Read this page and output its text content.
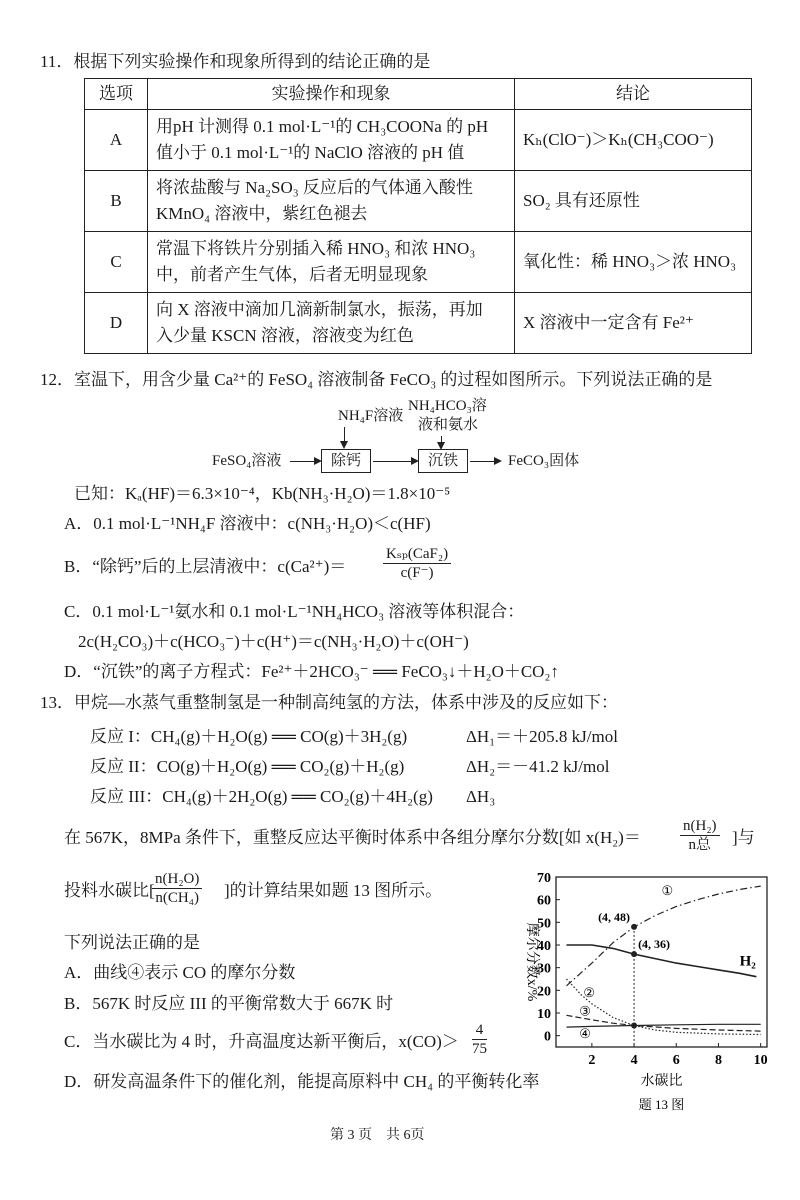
11．根据下列实验操作和现象所得到的结论正确的是
选项	实验操作和现象	结论
A	用pH 计测得 0.1 mol·L⁻¹的 CH₃COONa 的 pH
值小于 0.1 mol·L⁻¹的 NaClO 溶液的 pH 值	Kₕ(ClO⁻)＞Kₕ(CH₃COO⁻)
B	将浓盐酸与 Na₂SO₃ 反应后的气体通入酸性
KMnO₄ 溶液中，紫红色褪去	SO₂ 具有还原性
C	常温下将铁片分别插入稀 HNO₃ 和浓 HNO₃
中，前者产生气体，后者无明显现象	氧化性：稀 HNO₃＞浓 HNO₃
D	向 X 溶液中滴加几滴新制氯水，振荡，再加
入少量 KSCN 溶液，溶液变为红色	X 溶液中一定含有 Fe²⁺
12．室温下，用含少量 Ca²⁺的 FeSO₄ 溶液制备 FeCO₃ 的过程如图所示。下列说法正确的是
NH₄F溶液
NH₄HCO₃溶
液和氨水
FeSO₄溶液	除钙	沉铁	FeCO₃固体
已知：Kₐ(HF)＝6.3×10⁻⁴，Kb(NH₃·H₂O)＝1.8×10⁻⁵
A．0.1 mol·L⁻¹NH₄F 溶液中：c(NH₃·H₂O)＜c(HF)
B．“除钙”后的上层清液中：c(Ca²⁺)＝
Kₛₚ(CaF₂)
c(F⁻)
C．0.1 mol·L⁻¹氨水和 0.1 mol·L⁻¹NH₄HCO₃ 溶液等体积混合：
2c(H₂CO₃)＋c(HCO₃⁻)＋c(H⁺)＝c(NH₃·H₂O)＋c(OH⁻)
D．“沉铁”的离子方程式：Fe²⁺＋2HCO₃⁻ ══ FeCO₃↓＋H₂O＋CO₂↑
13．甲烷—水蒸气重整制氢是一种制高纯氢的方法，体系中涉及的反应如下：
反应 I：CH₄(g)＋H₂O(g) ══ CO(g)＋3H₂(g)	ΔH₁＝＋205.8 kJ/mol
反应 II：CO(g)＋H₂O(g) ══ CO₂(g)＋H₂(g)	ΔH₂＝－41.2 kJ/mol
反应 III：CH₄(g)＋2H₂O(g) ══ CO₂(g)＋4H₂(g) ΔH₃
在 567K，8MPa 条件下，重整反应达平衡时体系中各组分摩尔分数[如 x(H₂)＝
n(H₂)
n总	]与
投料水碳比[
$\frac{\text{n(H₂O)}}{\text{n(CH₄)}}$ ]的计算结果如题 13 图所示。
下列说法正确的是
A．曲线④表示 CO 的摩尔分数
B．567K 时反应 III 的平衡常数大于 667K 时
C．当水碳比为 4 时，升高温度达新平衡后，$x(CO)> \frac{4}{75}$
D．研发高温条件下的催化剂，能提高原料中 CH₄ 的平衡转化率
2	4	6	8 10
0
10
20
30
40
50
60
70
水碳比
题 13 图
摩尔分数x/%
①
H₂
②
③
④
(4, 48)
(4, 36)
第 3 页　共 6页
